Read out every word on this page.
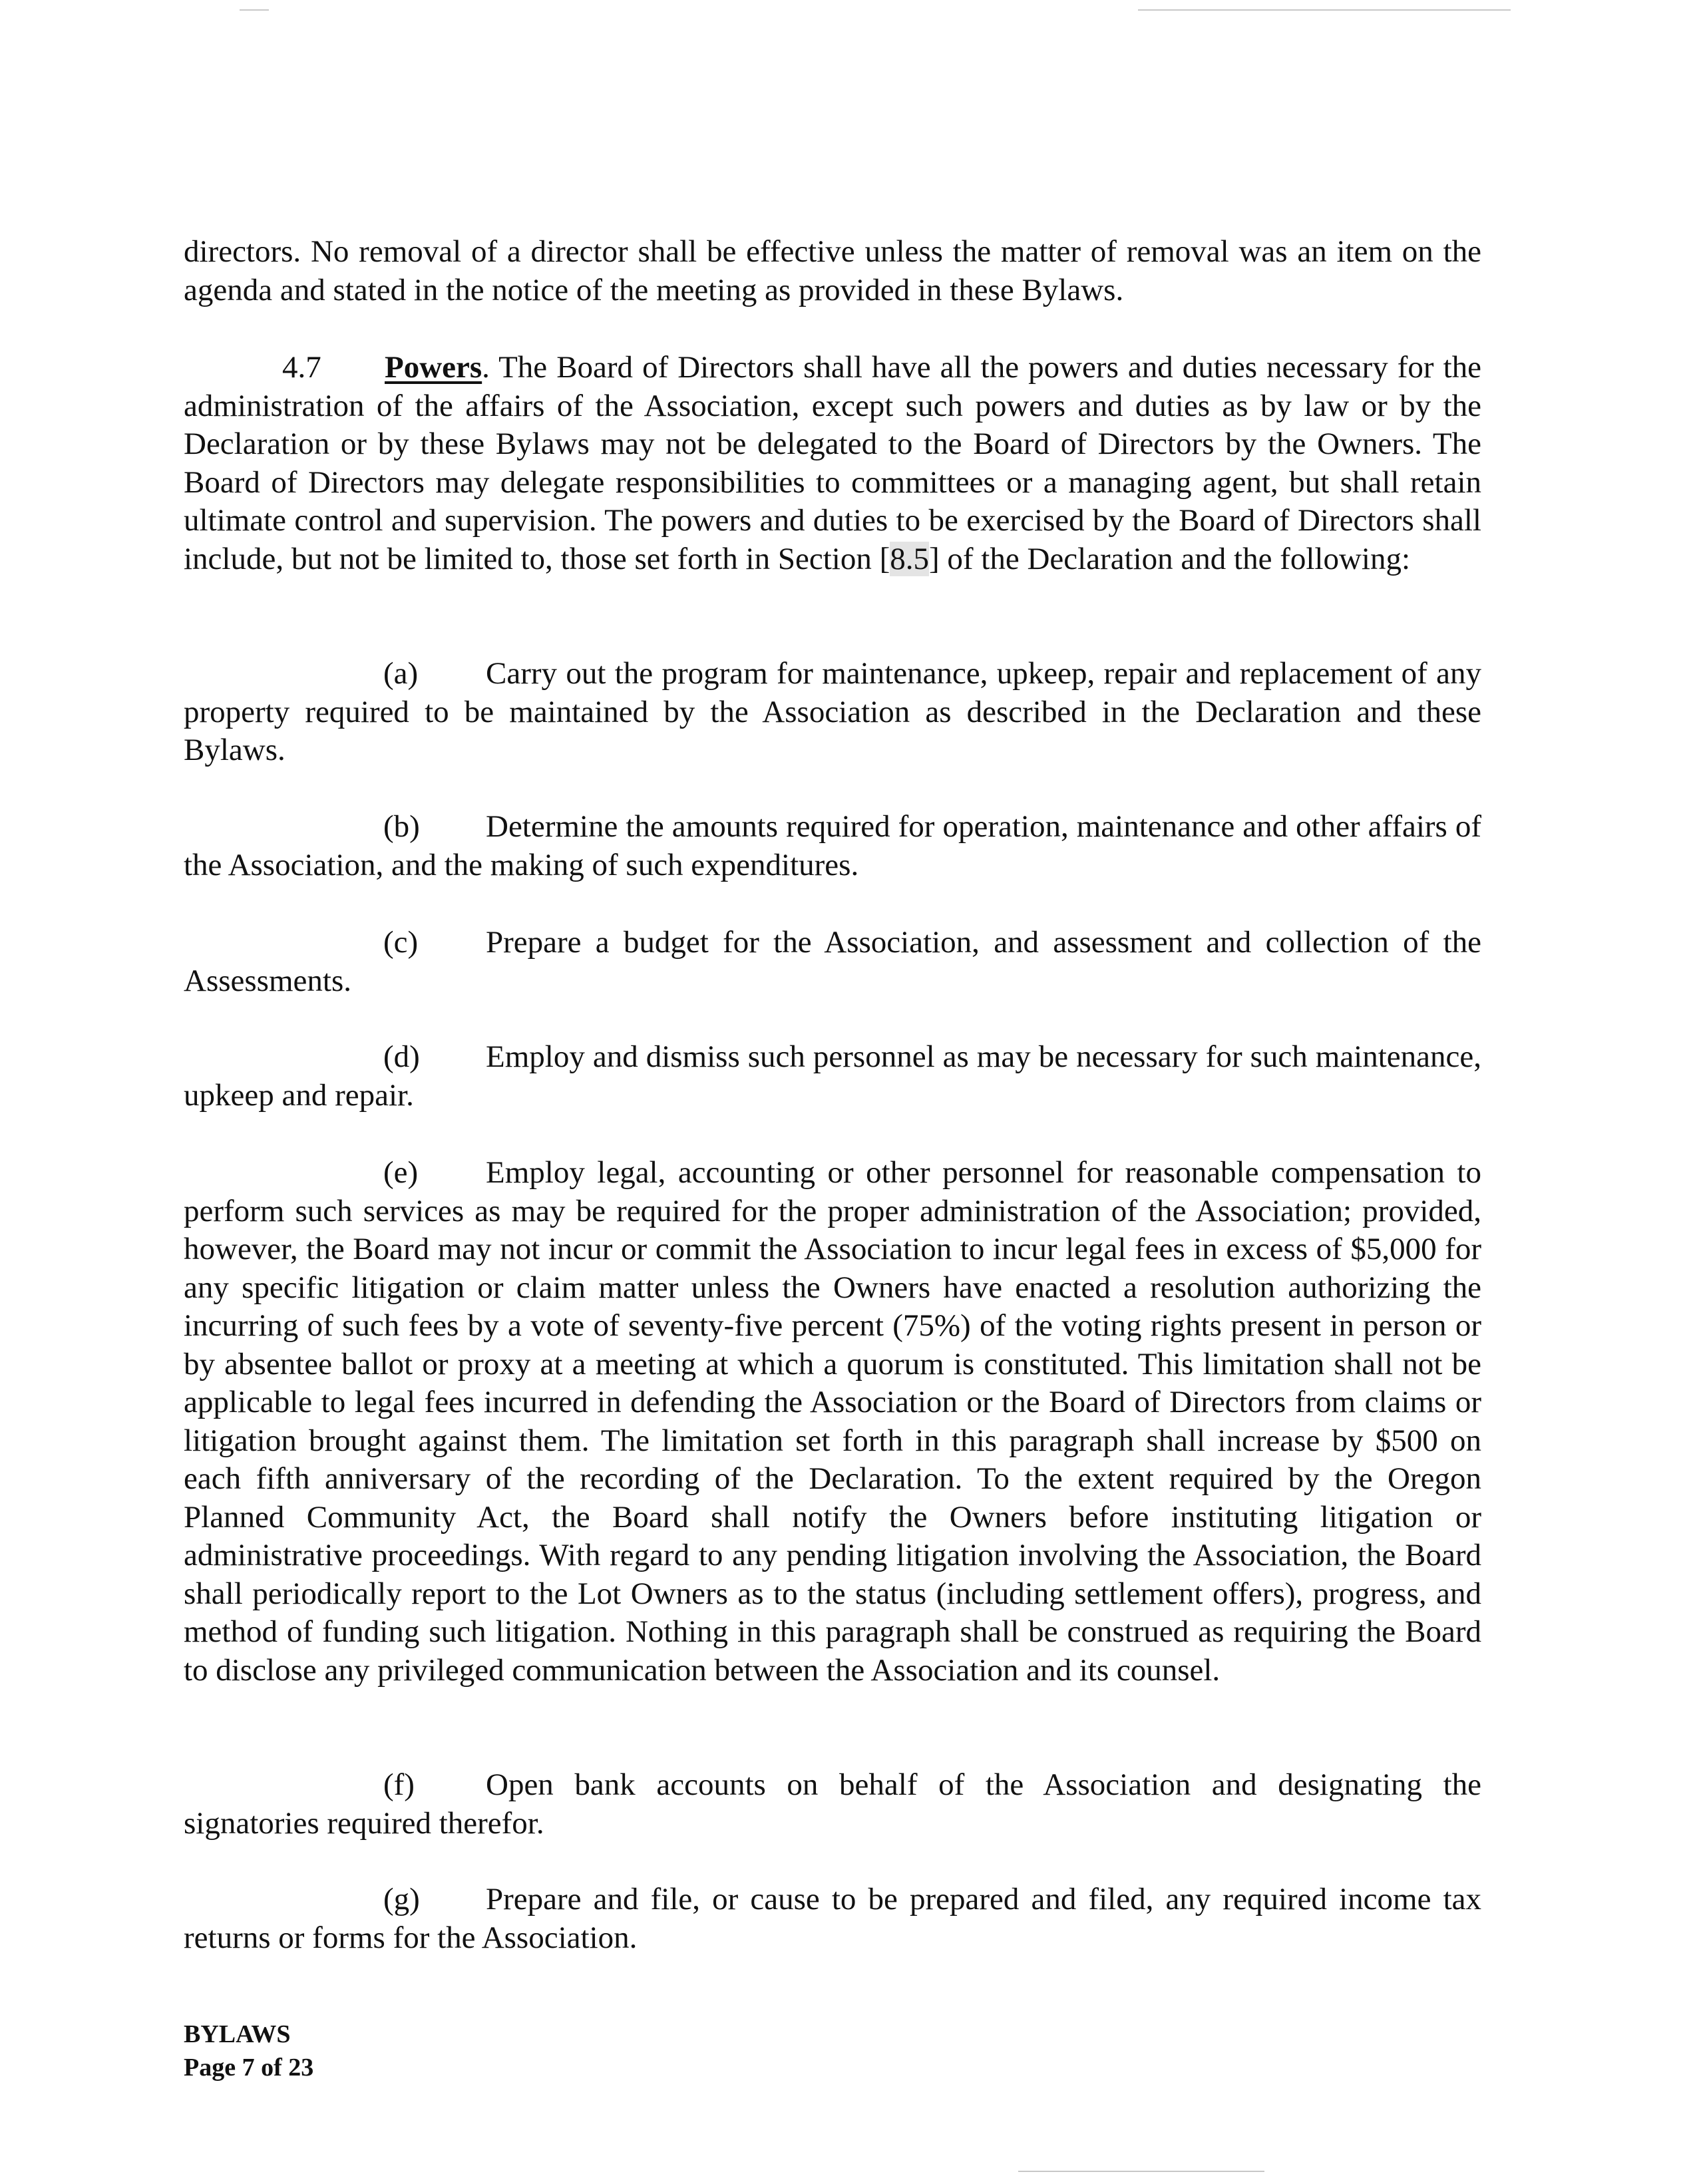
directors. No removal of a director shall be effective unless the matter of removal was an item on the agenda and stated in the notice of the meeting as provided in these Bylaws.

4.7 Powers. The Board of Directors shall have all the powers and duties necessary for the administration of the affairs of the Association, except such powers and duties as by law or by the Declaration or by these Bylaws may not be delegated to the Board of Directors by the Owners. The Board of Directors may delegate responsibilities to committees or a managing agent, but shall retain ultimate control and supervision. The powers and duties to be exercised by the Board of Directors shall include, but not be limited to, those set forth in Section [8.5] of the Declaration and the following:

(a) Carry out the program for maintenance, upkeep, repair and replacement of any property required to be maintained by the Association as described in the Declaration and these Bylaws.

(b) Determine the amounts required for operation, maintenance and other affairs of the Association, and the making of such expenditures.

(c) Prepare a budget for the Association, and assessment and collection of the Assessments.

(d) Employ and dismiss such personnel as may be necessary for such maintenance, upkeep and repair.

(e) Employ legal, accounting or other personnel for reasonable compensation to perform such services as may be required for the proper administration of the Association; provided, however, the Board may not incur or commit the Association to incur legal fees in excess of $5,000 for any specific litigation or claim matter unless the Owners have enacted a resolution authorizing the incurring of such fees by a vote of seventy-five percent (75%) of the voting rights present in person or by absentee ballot or proxy at a meeting at which a quorum is constituted. This limitation shall not be applicable to legal fees incurred in defending the Association or the Board of Directors from claims or litigation brought against them. The limitation set forth in this paragraph shall increase by $500 on each fifth anniversary of the recording of the Declaration. To the extent required by the Oregon Planned Community Act, the Board shall notify the Owners before instituting litigation or administrative proceedings. With regard to any pending litigation involving the Association, the Board shall periodically report to the Lot Owners as to the status (including settlement offers), progress, and method of funding such litigation. Nothing in this paragraph shall be construed as requiring the Board to disclose any privileged communication between the Association and its counsel.

(f) Open bank accounts on behalf of the Association and designating the signatories required therefor.

(g) Prepare and file, or cause to be prepared and filed, any required income tax returns or forms for the Association.

BYLAWS
Page 7 of 23
